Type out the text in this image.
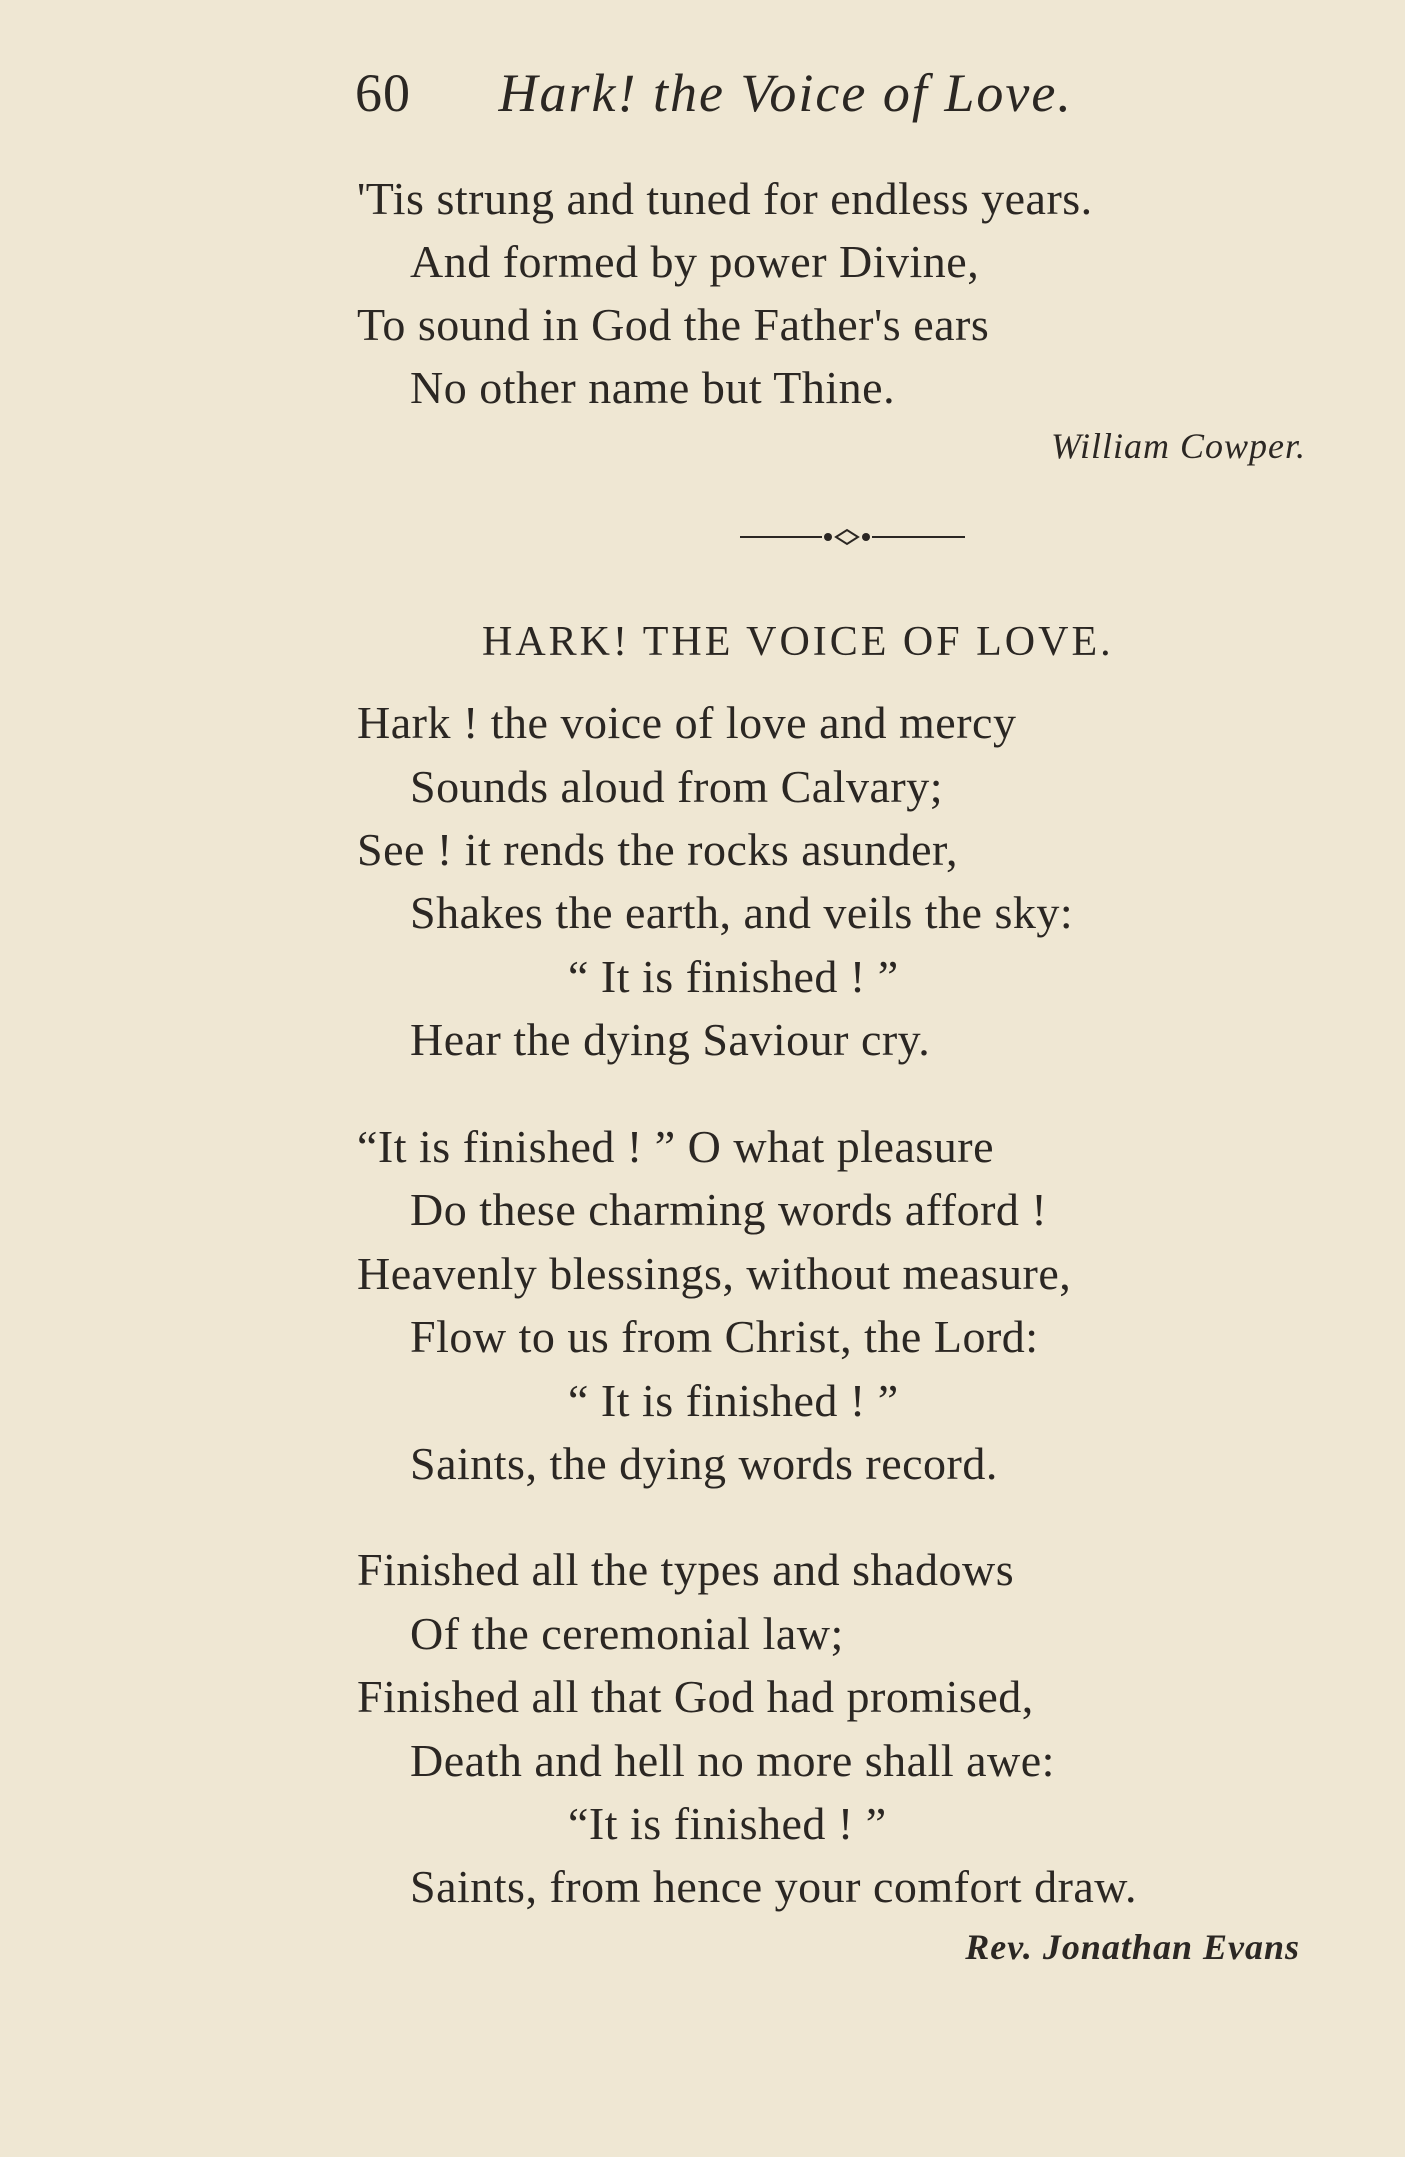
60 Hark! the Voice of Love.
'Tis strung and tuned for endless years.
And formed by power Divine,
To sound in God the Father's ears
No other name but Thine.
William Cowper.
HARK! THE VOICE OF LOVE.
Hark ! the voice of love and mercy
Sounds aloud from Calvary;
See ! it rends the rocks asunder,
Shakes the earth, and veils the sky:
“ It is finished ! ”
Hear the dying Saviour cry.
“It is finished ! ” O what pleasure
Do these charming words afford !
Heavenly blessings, without measure,
Flow to us from Christ, the Lord:
“ It is finished ! ”
Saints, the dying words record.
Finished all the types and shadows
Of the ceremonial law;
Finished all that God had promised,
Death and hell no more shall awe:
“It is finished ! ”
Saints, from hence your comfort draw.
Rev. Jonathan Evans
